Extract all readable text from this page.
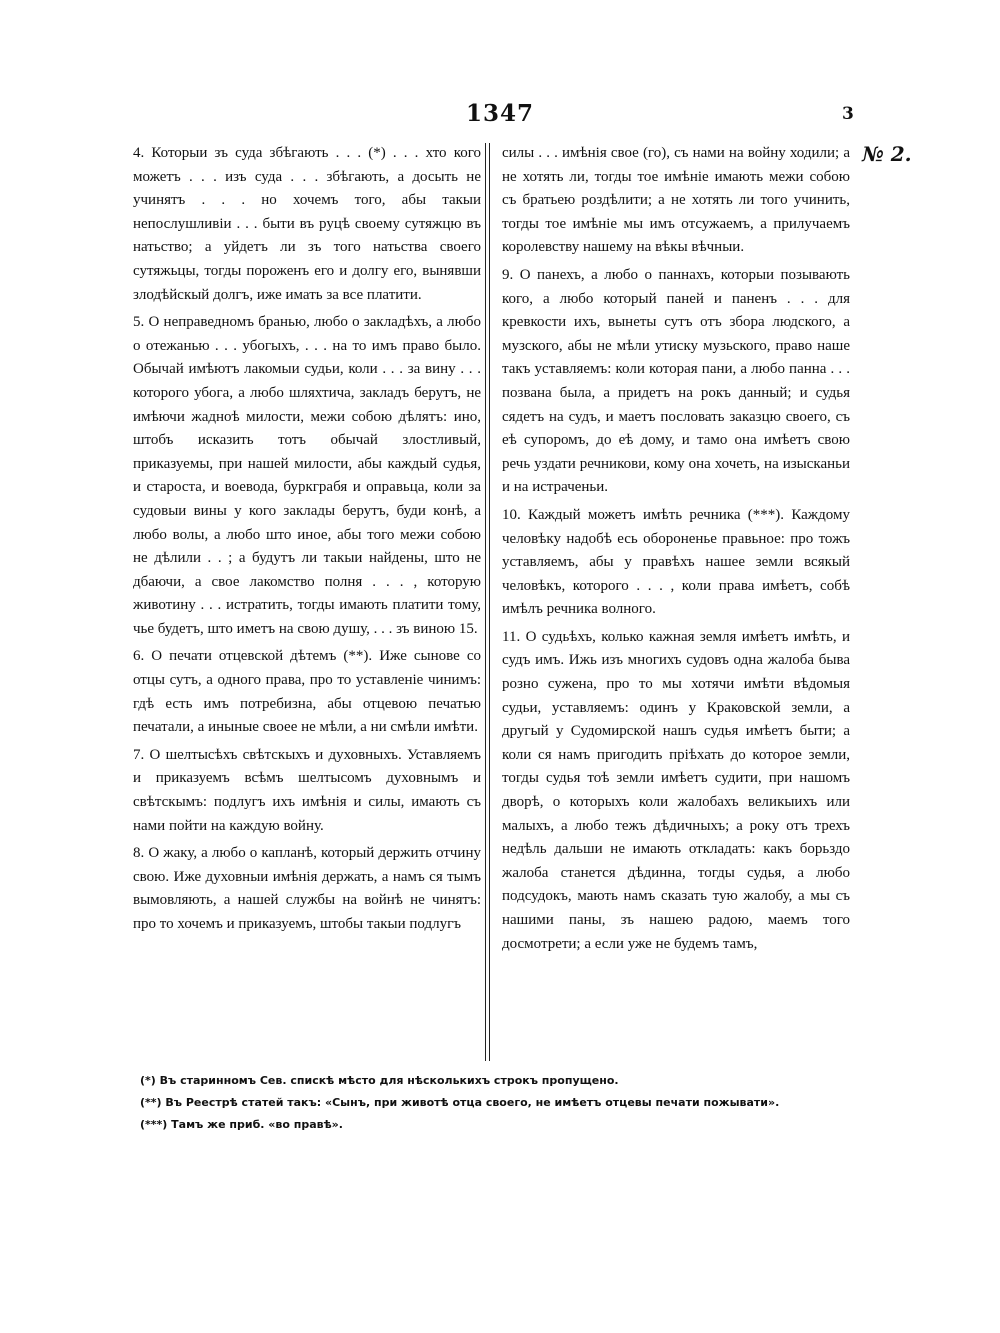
1347	3
№ 2.

4. Которыи зъ суда збѣгають . . . (*) . . . хто кого можетъ . . . изъ суда . . . збѣгають, а досыть не учинятъ . . . но хочемъ того, абы такыи непослушливiи . . . быти въ руцѣ своему сутяжцю въ натьство; а уйдетъ ли зъ того натьства своего сутяжьцы, тогды пороженъ его и долгу его, вынявши злодѣйскый долгъ, иже имать за все платити.

5. О неправедномъ бранью, любо о закладѣхъ, а любо о отежанью . . . убогыхъ, . . . на то имъ право было. Обычай имѣютъ лакомыи судьи, коли . . . за вину . . . которого убога, а любо шляхтича, закладъ берутъ, не имѣючи жадноѣ милости, межи собою дѣлятъ: ино, штобъ исказить тотъ обычай злостливый, приказуемы, при нашей милости, абы каждый судья, и староста, и воевода, буркграбя и оправьца, коли за судовыи вины у кого заклады берутъ, буди конѣ, а любо волы, а любо што иное, абы того межи собою не дѣлили . . ; а будутъ ли такыи найдены, што не дбаючи, а свое лакомство полня . . . , которую животину . . . истратить, тогды имають платити тому, чье будетъ, што иметъ на свою душу, . . . зъ виною 15.

6. О печати отцевской дѣтемъ (**). Иже сынове со отцы сутъ, а одного права, про то уставленie чинимъ: гдѣ есть имъ потребизна, абы отцевою печатью печатали, а иныные своее не мѣли, а ни смѣли имѣти.

7. О шелтысѣхъ свѣтскыхъ и духовныхъ. Уставляемъ и приказуемъ всѣмъ шелтысомъ духовнымъ и свѣтскымъ: подлугъ ихъ имѣнiя и силы, имають съ нами пойти на каждую войну.

8. О жаку, а любо о капланѣ, который держить отчину свою. Иже духовныи имѣнiя держать, а намъ ся тымъ вымовляють, а нашей службы на войнѣ не чинятъ: про то хочемъ и приказуемъ, штобы такыи подлугъ

силы . . . имѣнiя свое (го), съ нами на войну ходили; а не хотять ли, тогды тое имѣнiе имають межи собою съ братьею роздѣлити; а не хотять ли того учинить, тогды тое имѣнiе мы имъ отсужаемъ, а прилучаемъ королевству нашему на вѣкы вѣчныи.

9. О панехъ, а любо о паннахъ, которыи позывають кого, а любо который паней и паненъ . . . для кревкости ихъ, вынеты сутъ отъ збора людского, а музского, абы не мѣли утиску музьского, право наше такъ уставляемъ: коли которая пани, а любо панна . . . позвана была, а придетъ на рокъ данный; и судья сядетъ на судъ, и маетъ пословать заказцю своего, съ еѣ супоромъ, до еѣ дому, и тамо она имѣетъ свою речь уздати речникови, кому она хочеть, на изысканьи и на истраченьи.

10. Каждый можетъ имѣть речника (***). Каждому человѣку надобѣ есь обороненье правьное: про тожъ уставляемъ, абы у правѣхъ нашее земли всякый человѣкъ, которого . . . , коли права имѣетъ, собѣ имѣлъ речника волного.

11. О судьѣхъ, колько кажная земля имѣетъ имѣть, и судъ имъ. Ижь изъ многихъ судовъ одна жалоба быва розно сужена, про то мы хотячи имѣти вѣдомыя судьи, уставляемъ: одинъ у Краковской земли, а другый у Судомирской нашъ судья имѣетъ быти; а коли ся намъ пригодить прiѣхать до которое земли, тогды судья тоѣ земли имѣетъ судити, при нашомъ дворѣ, о которыхъ коли жалобахъ великыихъ или малыхъ, а любо тежъ дѣдичныхъ; а року отъ трехъ недѣль дальши не имають откладать: какъ борьздо жалоба станется дѣдинна, тогды судья, а любо подсудокъ, мають намъ сказать тую жалобу, а мы съ нашими паны, зъ нашею радою, маемъ того досмотрети; а если уже не будемъ тамъ,

(*) Въ старинномъ Сев. спискѣ мѣсто для нѣсколькихъ строкъ пропущено.
(**) Въ Реестрѣ статей такъ: «Сынъ, при животѣ отца своего, не имѣетъ отцевы печати пожывати».
(***) Тамъ же приб. «во правѣ».
